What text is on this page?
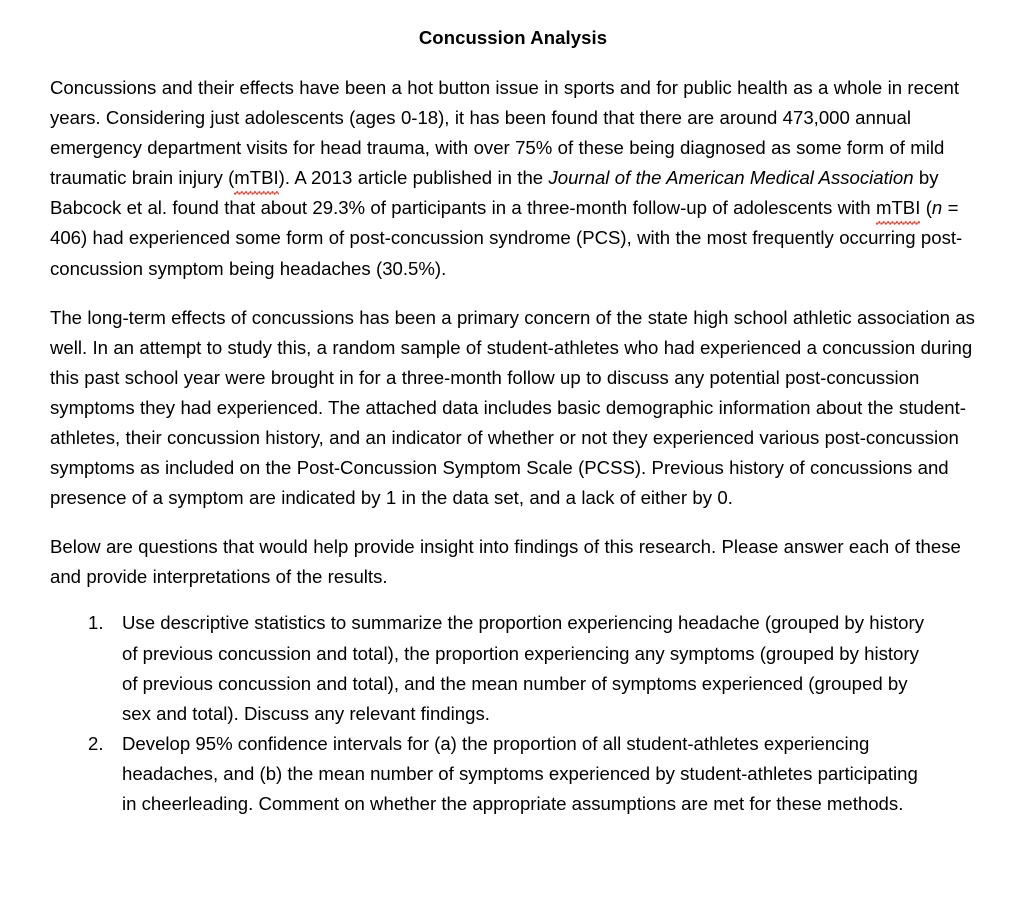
Concussion Analysis

Concussions and their effects have been a hot button issue in sports and for public health as a whole in recent years. Considering just adolescents (ages 0-18), it has been found that there are around 473,000 annual emergency department visits for head trauma, with over 75% of these being diagnosed as some form of mild traumatic brain injury (mTBI). A 2013 article published in the Journal of the American Medical Association by Babcock et al. found that about 29.3% of participants in a three-month follow-up of adolescents with mTBI (n = 406) had experienced some form of post-concussion syndrome (PCS), with the most frequently occurring post-concussion symptom being headaches (30.5%).

The long-term effects of concussions has been a primary concern of the state high school athletic association as well. In an attempt to study this, a random sample of student-athletes who had experienced a concussion during this past school year were brought in for a three-month follow up to discuss any potential post-concussion symptoms they had experienced. The attached data includes basic demographic information about the student-athletes, their concussion history, and an indicator of whether or not they experienced various post-concussion symptoms as included on the Post-Concussion Symptom Scale (PCSS). Previous history of concussions and presence of a symptom are indicated by 1 in the data set, and a lack of either by 0.

Below are questions that would help provide insight into findings of this research. Please answer each of these and provide interpretations of the results.

1. Use descriptive statistics to summarize the proportion experiencing headache (grouped by history of previous concussion and total), the proportion experiencing any symptoms (grouped by history of previous concussion and total), and the mean number of symptoms experienced (grouped by sex and total). Discuss any relevant findings.
2. Develop 95% confidence intervals for (a) the proportion of all student-athletes experiencing headaches, and (b) the mean number of symptoms experienced by student-athletes participating in cheerleading. Comment on whether the appropriate assumptions are met for these methods.
